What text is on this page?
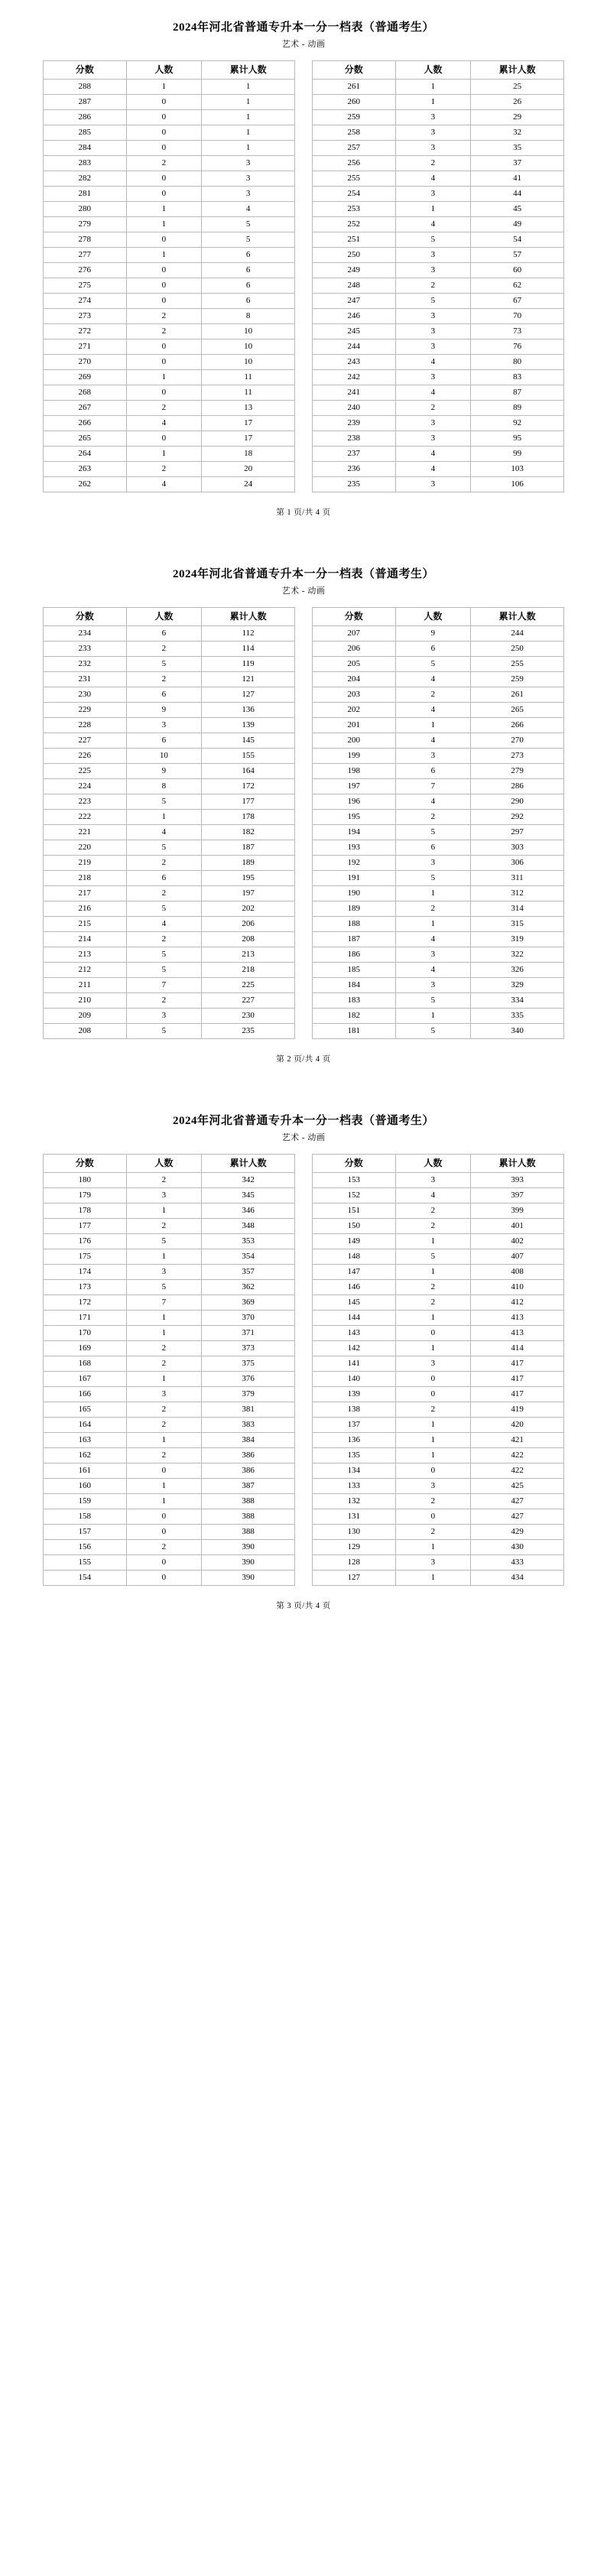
2024年河北省普通专升本一分一档表（普通考生）
艺术 - 动画
分数	人数	累计人数
288	1	1
287	0	1
286	0	1
285	0	1
284	0	1
283	2	3
282	0	3
281	0	3
280	1	4
279	1	5
278	0	5
277	1	6
276	0	6
275	0	6
274	0	6
273	2	8
272	2	10
271	0	10
270	0	10
269	1	11
268	0	11
267	2	13
266	4	17
265	0	17
264	1	18
263	2	20
262	4	24
分数	人数	累计人数
261	1	25
260	1	26
259	3	29
258	3	32
257	3	35
256	2	37
255	4	41
254	3	44
253	1	45
252	4	49
251	5	54
250	3	57
249	3	60
248	2	62
247	5	67
246	3	70
245	3	73
244	3	76
243	4	80
242	3	83
241	4	87
240	2	89
239	3	92
238	3	95
237	4	99
236	4	103
235	3	106
第 1 页/共 4 页
2024年河北省普通专升本一分一档表（普通考生）
艺术 - 动画
分数	人数	累计人数
234	6	112
233	2	114
232	5	119
231	2	121
230	6	127
229	9	136
228	3	139
227	6	145
226	10	155
225	9	164
224	8	172
223	5	177
222	1	178
221	4	182
220	5	187
219	2	189
218	6	195
217	2	197
216	5	202
215	4	206
214	2	208
213	5	213
212	5	218
211	7	225
210	2	227
209	3	230
208	5	235
分数	人数	累计人数
207	9	244
206	6	250
205	5	255
204	4	259
203	2	261
202	4	265
201	1	266
200	4	270
199	3	273
198	6	279
197	7	286
196	4	290
195	2	292
194	5	297
193	6	303
192	3	306
191	5	311
190	1	312
189	2	314
188	1	315
187	4	319
186	3	322
185	4	326
184	3	329
183	5	334
182	1	335
181	5	340
第 2 页/共 4 页
2024年河北省普通专升本一分一档表（普通考生）
艺术 - 动画
分数	人数	累计人数
180	2	342
179	3	345
178	1	346
177	2	348
176	5	353
175	1	354
174	3	357
173	5	362
172	7	369
171	1	370
170	1	371
169	2	373
168	2	375
167	1	376
166	3	379
165	2	381
164	2	383
163	1	384
162	2	386
161	0	386
160	1	387
159	1	388
158	0	388
157	0	388
156	2	390
155	0	390
154	0	390
分数	人数	累计人数
153	3	393
152	4	397
151	2	399
150	2	401
149	1	402
148	5	407
147	1	408
146	2	410
145	2	412
144	1	413
143	0	413
142	1	414
141	3	417
140	0	417
139	0	417
138	2	419
137	1	420
136	1	421
135	1	422
134	0	422
133	3	425
132	2	427
131	0	427
130	2	429
129	1	430
128	3	433
127	1	434
第 3 页/共 4 页
